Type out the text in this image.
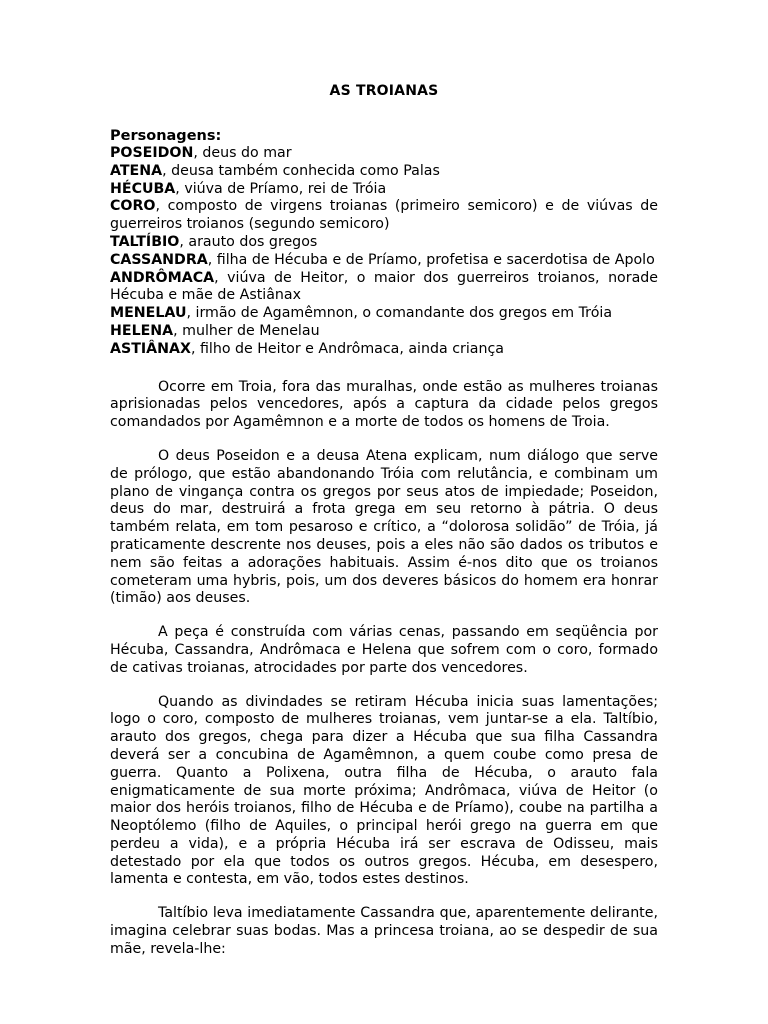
AS TROIANAS
Personagens:
POSEIDON, deus do mar
ATENA, deusa também conhecida como Palas
HÉCUBA, viúva de Príamo, rei de Tróia
CORO, composto de virgens troianas (primeiro semicoro) e de viúvas de guerreiros troianos (segundo semicoro)
TALTÍBIO, arauto dos gregos
CASSANDRA, filha de Hécuba e de Príamo, profetisa e sacerdotisa de Apolo
ANDRÔMACA, viúva de Heitor, o maior dos guerreiros troianos, norade Hécuba e mãe de Astiânax
MENELAU, irmão de Agamêmnon, o comandante dos gregos em Tróia
HELENA, mulher de Menelau
ASTIÂNAX, filho de Heitor e Andrômaca, ainda criança

Ocorre em Troia, fora das muralhas, onde estão as mulheres troianas aprisionadas pelos vencedores, após a captura da cidade pelos gregos comandados por Agamêmnon e a morte de todos os homens de Troia.

O deus Poseidon e a deusa Atena explicam, num diálogo que serve de prólogo, que estão abandonando Tróia com relutância, e combinam um plano de vingança contra os gregos por seus atos de impiedade; Poseidon, deus do mar, destruirá a frota grega em seu retorno à pátria. O deus também relata, em tom pesaroso e crítico, a “dolorosa solidão” de Tróia, já praticamente descrente nos deuses, pois a eles não são dados os tributos e nem são feitas a adorações habituais. Assim é-nos dito que os troianos cometeram uma hybris, pois, um dos deveres básicos do homem era honrar (timão) aos deuses.

A peça é construída com várias cenas, passando em seqüência por Hécuba, Cassandra, Andrômaca e Helena que sofrem com o coro, formado de cativas troianas, atrocidades por parte dos vencedores.

Quando as divindades se retiram Hécuba inicia suas lamentações; logo o coro, composto de mulheres troianas, vem juntar-se a ela. Taltíbio, arauto dos gregos, chega para dizer a Hécuba que sua filha Cassandra deverá ser a concubina de Agamêmnon, a quem coube como presa de guerra. Quanto a Polixena, outra filha de Hécuba, o arauto fala enigmaticamente de sua morte próxima; Andrômaca, viúva de Heitor (o maior dos heróis troianos, filho de Hécuba e de Príamo), coube na partilha a Neoptólemo (filho de Aquiles, o principal herói grego na guerra em que perdeu a vida), e a própria Hécuba irá ser escrava de Odisseu, mais detestado por ela que todos os outros gregos. Hécuba, em desespero, lamenta e contesta, em vão, todos estes destinos.

Taltíbio leva imediatamente Cassandra que, aparentemente delirante, imagina celebrar suas bodas. Mas a princesa troiana, ao se despedir de sua mãe, revela-lhe:
